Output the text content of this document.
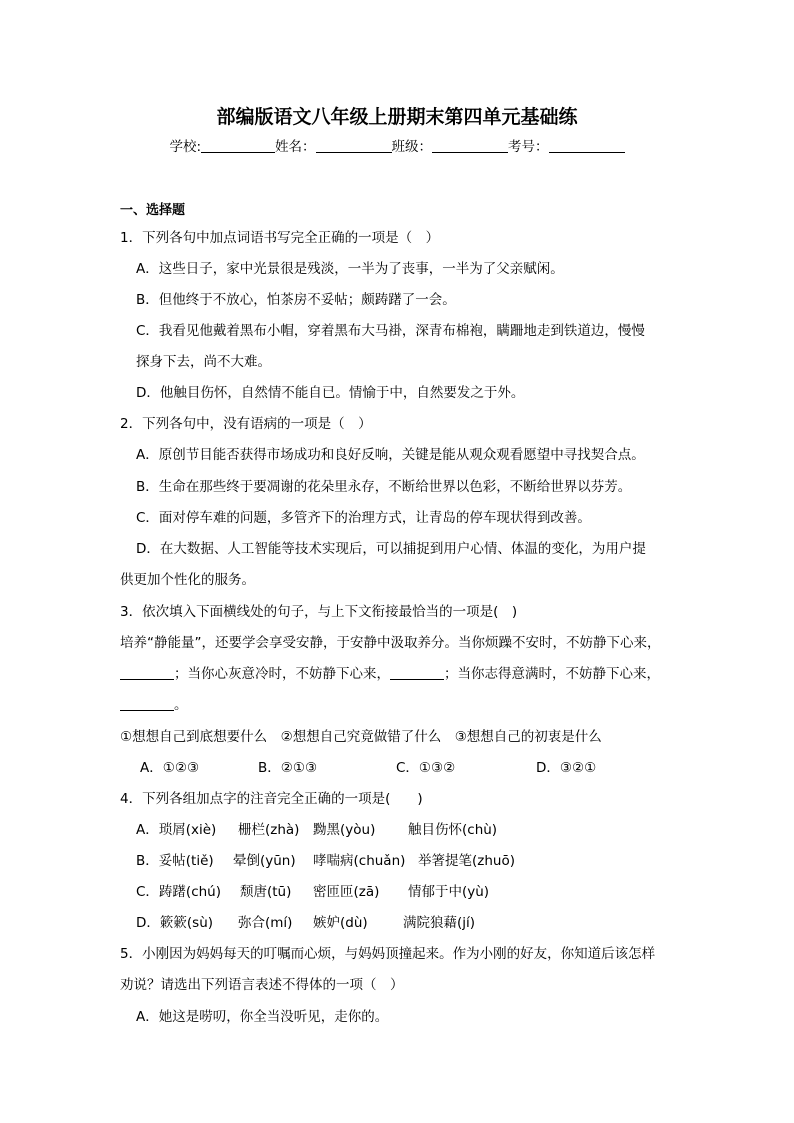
部编版语文八年级上册期末第四单元基础练
学校:	姓名：	班级：	考号：
一、选择题
1．下列各句中加点词语书写完全正确的一项是（　）
A．这些日子，家中光景很是残淡，一半为了丧事，一半为了父亲赋闲。
B．但他终于不放心，怕茶房不妥帖；颇踌躇了一会。
C．我看见他戴着黑布小帽，穿着黑布大马褂，深青布棉袍，瞒跚地走到铁道边，慢慢
探身下去，尚不大难。
D．他触目伤怀，自然情不能自已。情愉于中，自然要发之于外。
2．下列各句中，没有语病的一项是（　）
A．原创节目能否获得市场成功和良好反响，关键是能从观众观看愿望中寻找契合点。
B．生命在那些终于要凋谢的花朵里永存，不断给世界以色彩，不断给世界以芬芳。
C．面对停车难的问题，多管齐下的治理方式，让青岛的停车现状得到改善。
D．在大数据、人工智能等技术实现后，可以捕捉到用户心情、体温的变化，为用户提
供更加个性化的服务。
3．依次填入下面横线处的句子，与上下文衔接最恰当的一项是(　)
培养“静能量”，还要学会享受安静，于安静中汲取养分。当你烦躁不安时，不妨静下心来，
；当你心灰意冷时，不妨静下心来，	；当你志得意满时，不妨静下心来，
。
①想想自己到底想要什么　②想想自己究竟做错了什么　③想想自己的初衷是什么
A．①②③	B．②①③	C．①③②	D．③②①
4．下列各组加点字的注音完全正确的一项是(　　)
A．琐屑(xiè) 栅栏(zhà) 黝黑(yòu) 触目伤怀(chù)
B．妥帖(tiě) 晕倒(yūn) 哮喘病(chuǎn) 举箸提笔(zhuō)
C．踌躇(chú) 颓唐(tū) 密匝匝(zā) 情郁于中(yù)
D．簌簌(sù) 弥合(mí) 嫉妒(dù)	满院狼藉(jí)
5．小刚因为妈妈每天的叮嘱而心烦，与妈妈顶撞起来。作为小刚的好友，你知道后该怎样
劝说？请选出下列语言表述不得体的一项（　）
A．她这是唠叨，你全当没听见，走你的。
